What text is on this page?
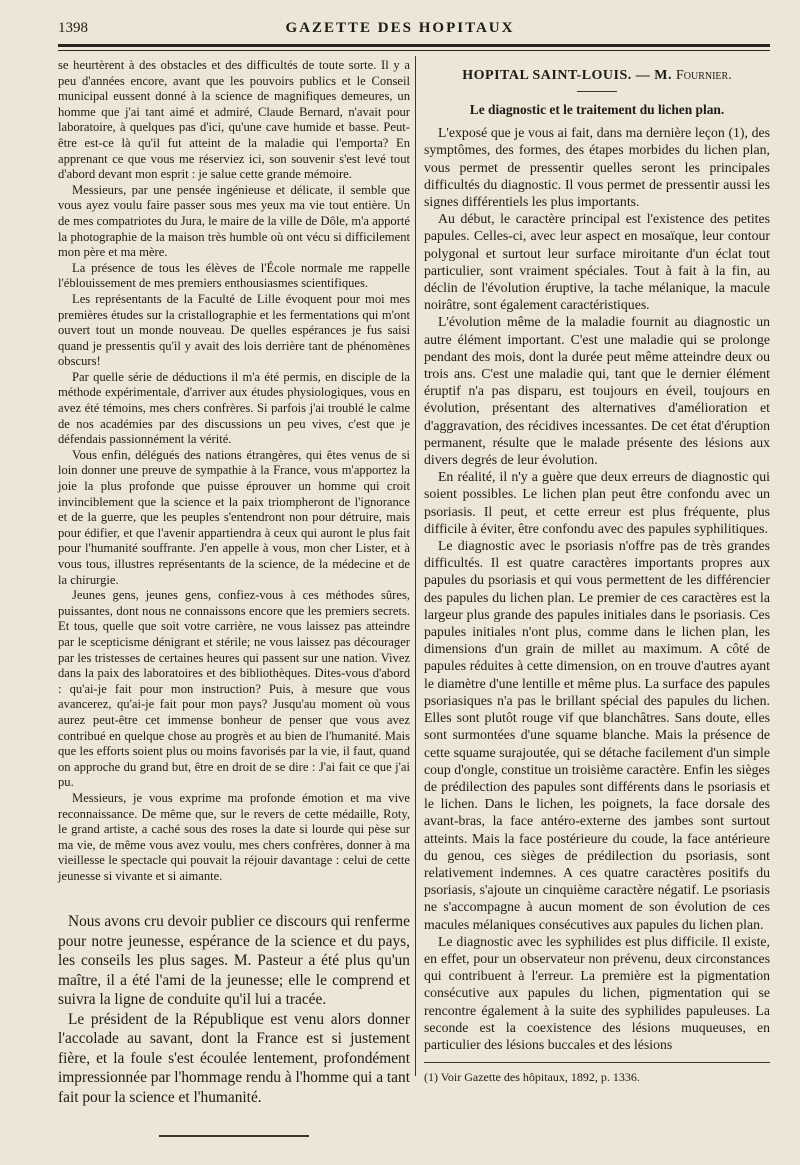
1398	GAZETTE DES HOPITAUX

se heurtèrent à des obstacles et des difficultés de toute sorte. Il y a peu d'années encore, avant que les pouvoirs publics et le Conseil municipal eussent donné à la science de magnifiques demeures, un homme que j'ai tant aimé et admiré, Claude Bernard, n'avait pour laboratoire, à quelques pas d'ici, qu'une cave humide et basse. Peut-être est-ce là qu'il fut atteint de la maladie qui l'emporta? En apprenant ce que vous me réserviez ici, son souvenir s'est levé tout d'abord devant mon esprit : je salue cette grande mémoire.

Messieurs, par une pensée ingénieuse et délicate, il semble que vous ayez voulu faire passer sous mes yeux ma vie tout entière. Un de mes compatriotes du Jura, le maire de la ville de Dôle, m'a apporté la photographie de la maison très humble où ont vécu si difficilement mon père et ma mère.

La présence de tous les élèves de l'École normale me rappelle l'éblouissement de mes premiers enthousiasmes scientifiques.

Les représentants de la Faculté de Lille évoquent pour moi mes premières études sur la cristallographie et les fermentations qui m'ont ouvert tout un monde nouveau. De quelles espérances je fus saisi quand je pressentis qu'il y avait des lois derrière tant de phénomènes obscurs!

Par quelle série de déductions il m'a été permis, en disciple de la méthode expérimentale, d'arriver aux études physiologiques, vous en avez été témoins, mes chers confrères. Si parfois j'ai troublé le calme de nos académies par des discussions un peu vives, c'est que je défendais passionnément la vérité.

Vous enfin, délégués des nations étrangères, qui êtes venus de si loin donner une preuve de sympathie à la France, vous m'apportez la joie la plus profonde que puisse éprouver un homme qui croit invinciblement que la science et la paix triompheront de l'ignorance et de la guerre, que les peuples s'entendront non pour détruire, mais pour édifier, et que l'avenir appartiendra à ceux qui auront le plus fait pour l'humanité souffrante. J'en appelle à vous, mon cher Lister, et à vous tous, illustres représentants de la science, de la médecine et de la chirurgie.

Jeunes gens, jeunes gens, confiez-vous à ces méthodes sûres, puissantes, dont nous ne connaissons encore que les premiers secrets. Et tous, quelle que soit votre carrière, ne vous laissez pas atteindre par le scepticisme dénigrant et stérile; ne vous laissez pas décourager par les tristesses de certaines heures qui passent sur une nation. Vivez dans la paix des laboratoires et des bibliothèques. Dites-vous d'abord : qu'ai-je fait pour mon instruction? Puis, à mesure que vous avancerez, qu'ai-je fait pour mon pays? Jusqu'au moment où vous aurez peut-être cet immense bonheur de penser que vous avez contribué en quelque chose au progrès et au bien de l'humanité. Mais que les efforts soient plus ou moins favorisés par la vie, il faut, quand on approche du grand but, être en droit de se dire : J'ai fait ce que j'ai pu.

Messieurs, je vous exprime ma profonde émotion et ma vive reconnaissance. De même que, sur le revers de cette médaille, Roty, le grand artiste, a caché sous des roses la date si lourde qui pèse sur ma vie, de même vous avez voulu, mes chers confrères, donner à ma vieillesse le spectacle qui pouvait la réjouir davantage : celui de cette jeunesse si vivante et si aimante.

Nous avons cru devoir publier ce discours qui renferme pour notre jeunesse, espérance de la science et du pays, les conseils les plus sages. M. Pasteur a été plus qu'un maître, il a été l'ami de la jeunesse; elle le comprend et suivra la ligne de conduite qu'il lui a tracée.

Le président de la République est venu alors donner l'accolade au savant, dont la France est si justement fière, et la foule s'est écoulée lentement, profondément impressionnée par l'hommage rendu à l'homme qui a tant fait pour la science et l'humanité.

HOPITAL SAINT-LOUIS. — M. Fournier.
Le diagnostic et le traitement du lichen plan.

L'exposé que je vous ai fait, dans ma dernière leçon (1), des symptômes, des formes, des étapes morbides du lichen plan, vous permet de pressentir quelles seront les principales difficultés du diagnostic. Il vous permet de pressentir aussi les signes différentiels les plus importants.

Au début, le caractère principal est l'existence des petites papules. Celles-ci, avec leur aspect en mosaïque, leur contour polygonal et surtout leur surface miroitante d'un éclat tout particulier, sont vraiment spéciales. Tout à fait à la fin, au déclin de l'évolution éruptive, la tache mélanique, la macule noirâtre, sont également caractéristiques.

L'évolution même de la maladie fournit au diagnostic un autre élément important. C'est une maladie qui se prolonge pendant des mois, dont la durée peut même atteindre deux ou trois ans. C'est une maladie qui, tant que le dernier élément éruptif n'a pas disparu, est toujours en éveil, toujours en évolution, présentant des alternatives d'amélioration et d'aggravation, des récidives incessantes. De cet état d'éruption permanent, résulte que le malade présente des lésions aux divers degrés de leur évolution.

En réalité, il n'y a guère que deux erreurs de diagnostic qui soient possibles. Le lichen plan peut être confondu avec un psoriasis. Il peut, et cette erreur est plus fréquente, plus difficile à éviter, être confondu avec des papules syphilitiques.

Le diagnostic avec le psoriasis n'offre pas de très grandes difficultés. Il est quatre caractères importants propres aux papules du psoriasis et qui vous permettent de les différencier des papules du lichen plan. Le premier de ces caractères est la largeur plus grande des papules initiales dans le psoriasis. Ces papules initiales n'ont plus, comme dans le lichen plan, les dimensions d'un grain de millet au maximum. A côté de papules réduites à cette dimension, on en trouve d'autres ayant le diamètre d'une lentille et même plus. La surface des papules psoriasiques n'a pas le brillant spécial des papules du lichen. Elles sont plutôt rouge vif que blanchâtres. Sans doute, elles sont surmontées d'une squame blanche. Mais la présence de cette squame surajoutée, qui se détache facilement d'un simple coup d'ongle, constitue un troisième caractère. Enfin les sièges de prédilection des papules sont différents dans le psoriasis et le lichen. Dans le lichen, les poignets, la face dorsale des avant-bras, la face antéro-externe des jambes sont surtout atteints. Mais la face postérieure du coude, la face antérieure du genou, ces sièges de prédilection du psoriasis, sont relativement indemnes. A ces quatre caractères positifs du psoriasis, s'ajoute un cinquième caractère négatif. Le psoriasis ne s'accompagne à aucun moment de son évolution de ces macules mélaniques consécutives aux papules du lichen plan.

Le diagnostic avec les syphilides est plus difficile. Il existe, en effet, pour un observateur non prévenu, deux circonstances qui contribuent à l'erreur. La première est la pigmentation consécutive aux papules du lichen, pigmentation qui se rencontre également à la suite des syphilides papuleuses. La seconde est la coexistence des lésions muqueuses, en particulier des lésions buccales et des lésions

(1) Voir Gazette des hôpitaux, 1892, p. 1336.
